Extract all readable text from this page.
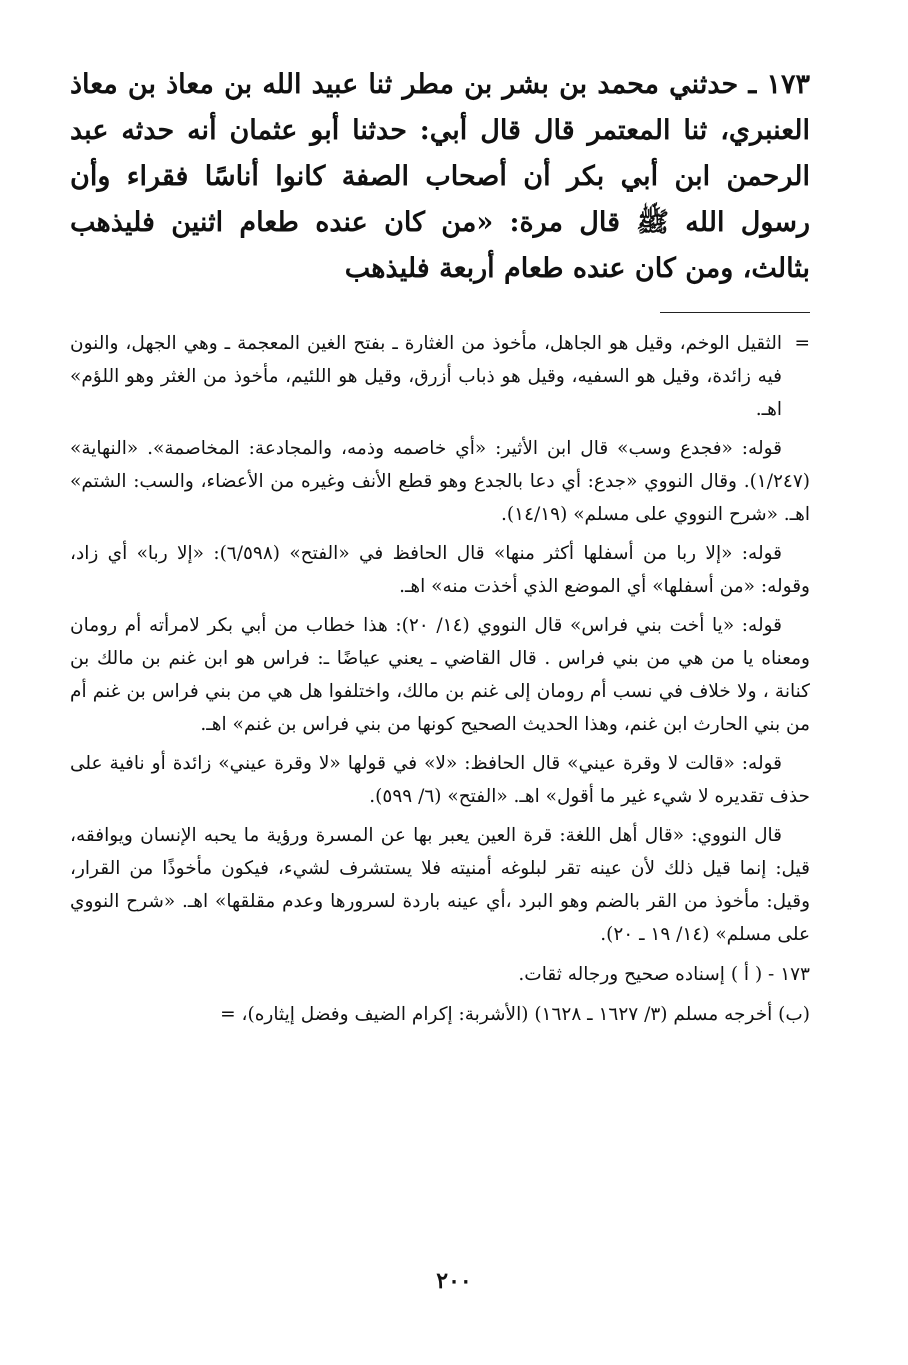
١٧٣ ـ حدثني محمد بن بشر بن مطر ثنا عبيد الله بن معاذ بن معاذ العنبري، ثنا المعتمر قال قال أبي: حدثنا أبو عثمان أنه حدثه عبد الرحمن ابن أبي بكر أن أصحاب الصفة كانوا أناسًا فقراء وأن رسول الله ﷺ قال مرة: «من كان عنده طعام اثنين فليذهب بثالث، ومن كان عنده طعام أربعة فليذهب

=
الثقيل الوخم، وقيل هو الجاهل، مأخوذ من الغثارة ـ بفتح الغين المعجمة ـ وهي الجهل، والنون فيه زائدة، وقيل هو السفيه، وقيل هو ذباب أزرق، وقيل هو اللئيم، مأخوذ من الغثر وهو اللؤم» اهـ.

قوله: «فجدع وسب» قال ابن الأثير: «أي خاصمه وذمه، والمجادعة: المخاصمة». «النهاية» (١/٢٤٧). وقال النووي «جدع: أي دعا بالجدع وهو قطع الأنف وغيره من الأعضاء، والسب: الشتم» اهـ. «شرح النووي على مسلم» (١٤/١٩).

قوله: «إلا ربا من أسفلها أكثر منها» قال الحافظ في «الفتح» (٦/٥٩٨): «إلا ربا» أي زاد، وقوله: «من أسفلها» أي الموضع الذي أخذت منه» اهـ.

قوله: «يا أخت بني فراس» قال النووي (١٤/ ٢٠): هذا خطاب من أبي بكر لامرأته أم رومان ومعناه يا من هي من بني فراس . قال القاضي ـ يعني عياضًا ـ: فراس هو ابن غنم بن مالك بن كنانة ، ولا خلاف في نسب أم رومان إلى غنم بن مالك، واختلفوا هل هي من بني فراس بن غنم أم من بني الحارث ابن غنم، وهذا الحديث الصحيح كونها من بني فراس بن غنم» اهـ.

قوله: «قالت لا وقرة عيني» قال الحافظ: «لا» في قولها «لا وقرة عيني» زائدة أو نافية على حذف تقديره لا شيء غير ما أقول» اهـ. «الفتح» (٦/ ٥٩٩).

قال النووي: «قال أهل اللغة: قرة العين يعبر بها عن المسرة ورؤية ما يحبه الإنسان ويوافقه، قيل: إنما قيل ذلك لأن عينه تقر لبلوغه أمنيته فلا يستشرف لشيء، فيكون مأخوذًا من القرار، وقيل: مأخوذ من القر بالضم وهو البرد ،أي عينه باردة لسرورها وعدم مقلقها» اهـ. «شرح النووي على مسلم» (١٤/ ١٩ ـ ٢٠).

١٧٣ - ( أ ) إسناده صحيح ورجاله ثقات.

(ب) أخرجه مسلم (٣/ ١٦٢٧ ـ ١٦٢٨) (الأشربة: إكرام الضيف وفضل إيثاره)، =

٢٠٠
